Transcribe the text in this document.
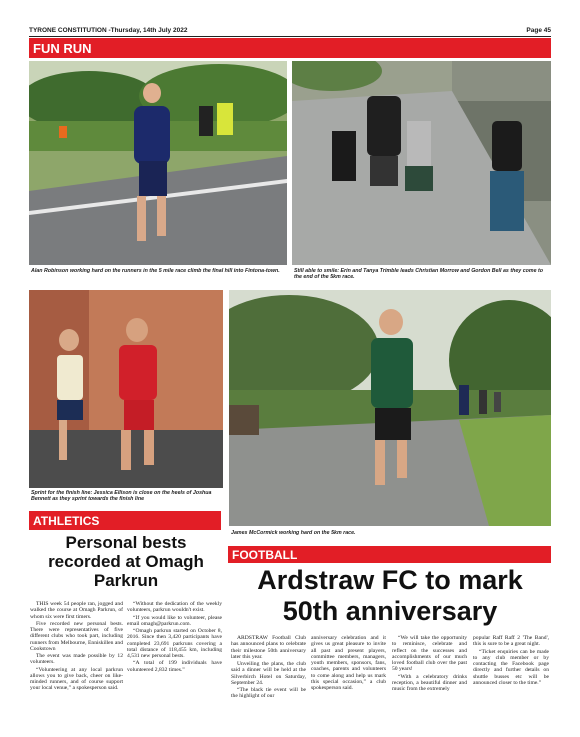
TYRONE CONSTITUTION -Thursday, 14th July 2022	Page 45
FUN RUN
Alan Robinson working hard on the runners in the 5 mile race climb the final hill into Fintona-town.	Still able to smile: Erin and Tanya Trimble leads Christian Morrow and Gordon Bell as they come to the end of the 5km race.
Sprint for the finish line: Jessica Ellison is close on the heels of Joshua Bennett as they sprint towards the finish line
ATHLETICS
James McCormick working hard on the 5km race.
FOOTBALL
Personal bests recorded at Omagh Parkrun

THIS week 54 people ran, jogged and walked the course at Omagh Parkrun, of whom six were first timers.

Five recorded new personal bests. There were representatives of five different clubs who took part, including runners from Melbourne, Enniskillen and Cookstown

The event was made possible by 12 volunteers.

“Volunteering at any local parkrun allows you to give back, cheer on like-minded runners, and of course support your local venue,” a spokesperson said.

“Without the dedication of the weekly volunteers, parkrun wouldn't exist.

“If you would like to volunteer, please email omagh@parkrun.com.

“Omagh parkrun started on October 8, 2016. Since then 3,420 participants have completed 23,691 parkruns covering a total distance of 118,455 km, including 4,531 new personal bests.

“A total of 199 individuals have volunteered 2,832 times.”

Ardstraw FC to mark 50th anniversary

ARDSTRAW Football Club has announced plans to celebrate their milestone 50th anniversary later this year.

Unveiling the plans, the club said a dinner will be held at the Silverbirch Hotel on Saturday, September 24.

“The black tie event will be the highlight of our

anniversary celebration and it gives us great pleasure to invite all past and present players, committee members, managers, youth members, sponsors, fans, coaches, parents and volunteers to come along and help us mark this special occasion,” a club spokesperson said.

“We will take the opportunity to reminisce, celebrate and reflect on the successes and accomplishments of our much loved football club over the past 50 years!

“With a celebratory drinks reception, a beautiful dinner and music from the extremely

popular Raff Raff 2 'The Band', this is sure to be a great night.

“Ticket enquiries can be made to any club member or by contacting the Facebook page directly and further details on shuttle busses etc will be announced closer to the time.”
